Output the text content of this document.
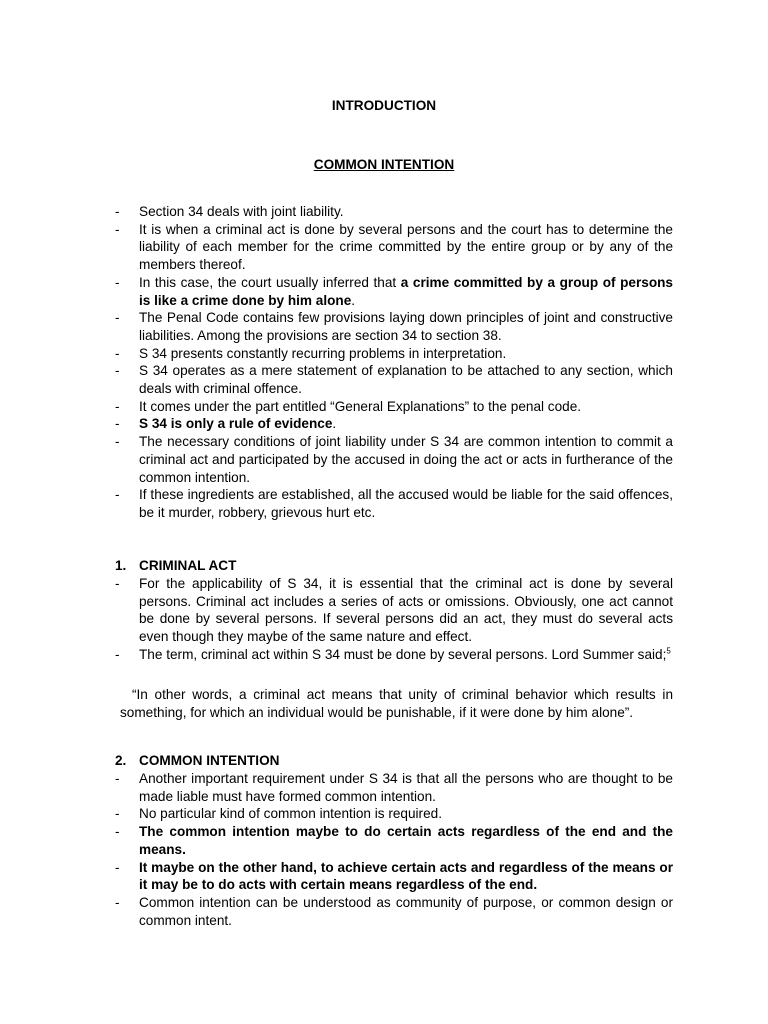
INTRODUCTION
COMMON INTENTION
- Section 34 deals with joint liability.
- It is when a criminal act is done by several persons and the court has to determine the liability of each member for the crime committed by the entire group or by any of the members thereof.
- In this case, the court usually inferred that a crime committed by a group of persons is like a crime done by him alone.
- The Penal Code contains few provisions laying down principles of joint and constructive liabilities. Among the provisions are section 34 to section 38.
- S 34 presents constantly recurring problems in interpretation.
- S 34 operates as a mere statement of explanation to be attached to any section, which deals with criminal offence.
- It comes under the part entitled “General Explanations” to the penal code.
- S 34 is only a rule of evidence.
- The necessary conditions of joint liability under S 34 are common intention to commit a criminal act and participated by the accused in doing the act or acts in furtherance of the common intention.
- If these ingredients are established, all the accused would be liable for the said offences, be it murder, robbery, grievous hurt etc.
1. CRIMINAL ACT
- For the applicability of S 34, it is essential that the criminal act is done by several persons. Criminal act includes a series of acts or omissions. Obviously, one act cannot be done by several persons. If several persons did an act, they must do several acts even though they maybe of the same nature and effect.
- The term, criminal act within S 34 must be done by several persons. Lord Summer said;$^5$
“In other words, a criminal act means that unity of criminal behavior which results in something, for which an individual would be punishable, if it were done by him alone”.
2. COMMON INTENTION
- Another important requirement under S 34 is that all the persons who are thought to be made liable must have formed common intention.
- No particular kind of common intention is required.
- The common intention maybe to do certain acts regardless of the end and the means.
- It maybe on the other hand, to achieve certain acts and regardless of the means or it may be to do acts with certain means regardless of the end.
- Common intention can be understood as community of purpose, or common design or common intent.
